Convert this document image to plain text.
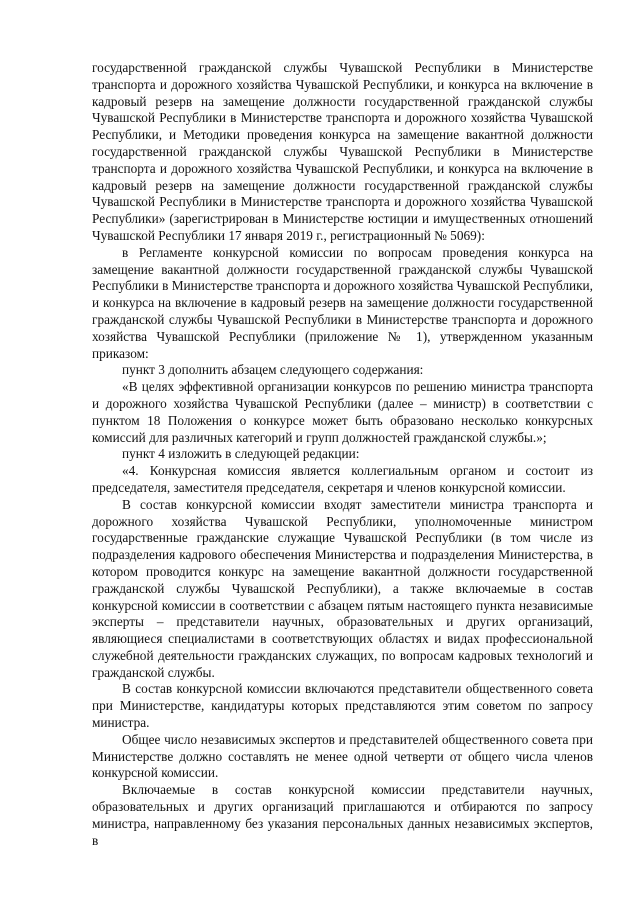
государственной гражданской службы Чувашской Республики в Министерстве транспорта и дорожного хозяйства Чувашской Республики, и конкурса на включение в кадровый резерв на замещение должности государственной гражданской службы Чувашской Республики в Министерстве транспорта и дорожного хозяйства Чувашской Республики, и Методики проведения конкурса на замещение вакантной должности государственной гражданской службы Чувашской Республики в Министерстве транспорта и дорожного хозяйства Чувашской Республики, и конкурса на включение в кадровый резерв на замещение должности государственной гражданской службы Чувашской Республики в Министерстве транспорта и дорожного хозяйства Чувашской Республики» (зарегистрирован в Министерстве юстиции и имущественных отношений Чувашской Республики 17 января 2019 г., регистрационный № 5069):

в Регламенте конкурсной комиссии по вопросам проведения конкурса на замещение вакантной должности государственной гражданской службы Чувашской Республики в Министерстве транспорта и дорожного хозяйства Чувашской Республики, и конкурса на включение в кадровый резерв на замещение должности государственной гражданской службы Чувашской Республики в Министерстве транспорта и дорожного хозяйства Чувашской Республики (приложение № 1), утвержденном указанным приказом:

пункт 3 дополнить абзацем следующего содержания:

«В целях эффективной организации конкурсов по решению министра транспорта и дорожного хозяйства Чувашской Республики (далее – министр) в соответствии с пунктом 18 Положения о конкурсе может быть образовано несколько конкурсных комиссий для различных категорий и групп должностей гражданской службы.»;

пункт 4 изложить в следующей редакции:

«4. Конкурсная комиссия является коллегиальным органом и состоит из председателя, заместителя председателя, секретаря и членов конкурсной комиссии.

В состав конкурсной комиссии входят заместители министра транспорта и дорожного хозяйства Чувашской Республики, уполномоченные министром государственные гражданские служащие Чувашской Республики (в том числе из подразделения кадрового обеспечения Министерства и подразделения Министерства, в котором проводится конкурс на замещение вакантной должности государственной гражданской службы Чувашской Республики), а также включаемые в состав конкурсной комиссии в соответствии с абзацем пятым настоящего пункта независимые эксперты – представители научных, образовательных и других организаций, являющиеся специалистами в соответствующих областях и видах профессиональной служебной деятельности гражданских служащих, по вопросам кадровых технологий и гражданской службы.

В состав конкурсной комиссии включаются представители общественного совета при Министерстве, кандидатуры которых представляются этим советом по запросу министра.

Общее число независимых экспертов и представителей общественного совета при Министерстве должно составлять не менее одной четверти от общего числа членов конкурсной комиссии.

Включаемые в состав конкурсной комиссии представители научных, образовательных и других организаций приглашаются и отбираются по запросу министра, направленному без указания персональных данных независимых экспертов, в
